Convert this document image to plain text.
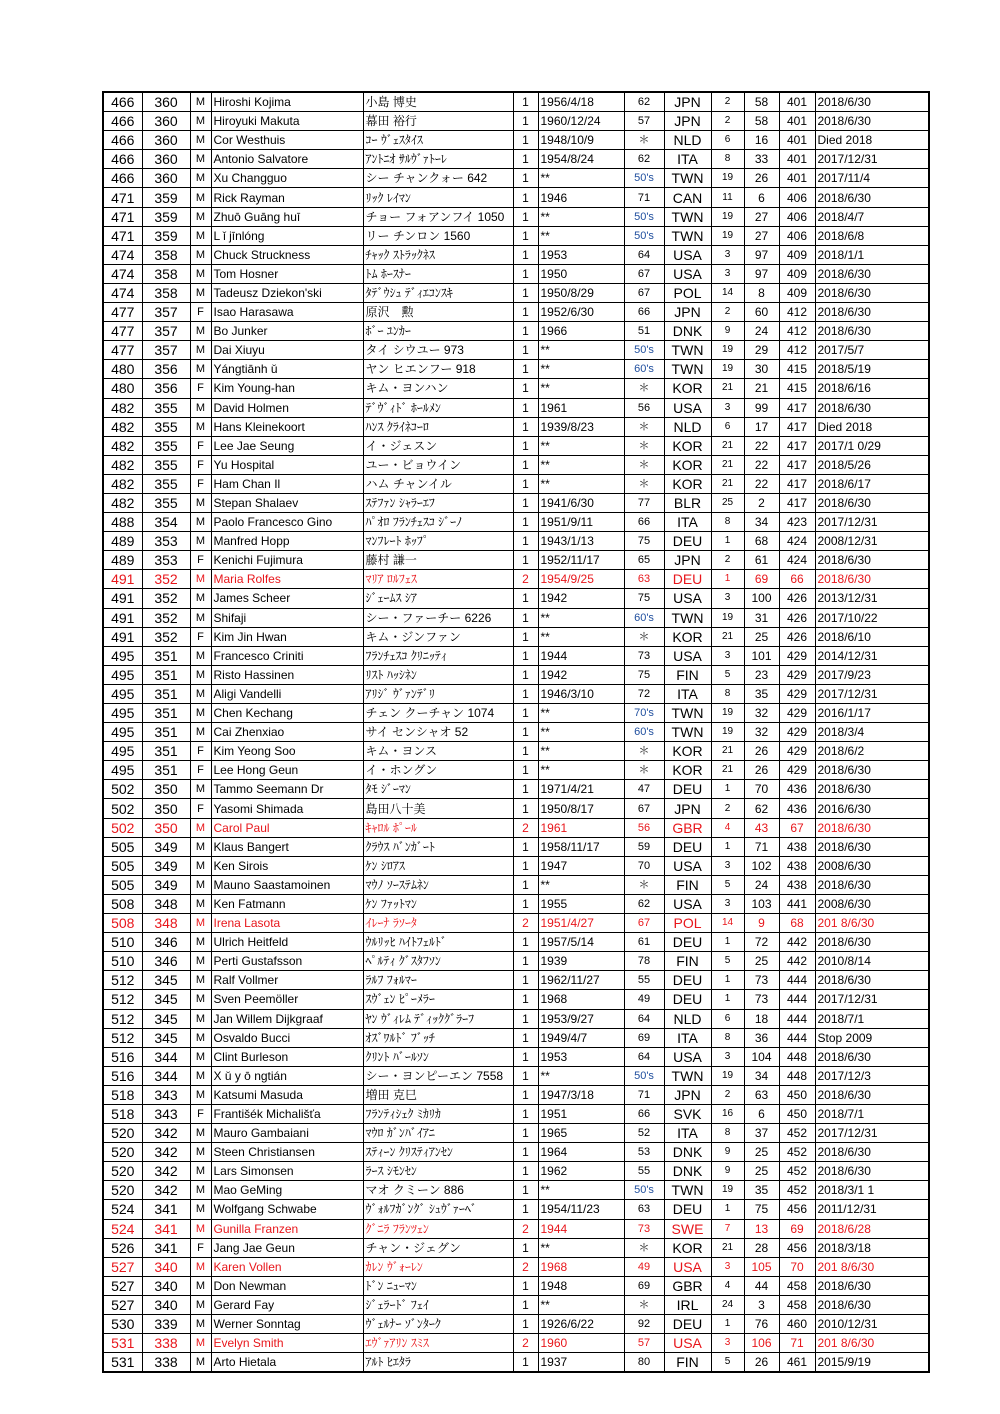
466	360	M	Hiroshi Kojima	小島 博史	1	1956/4/18	62	JPN	2	58	401	2018/6/30
466	360	M	Hiroyuki Makuta	幕田 裕行	1	1960/12/24	57	JPN	2	58	401	2018/6/30
466	360	M	Cor Westhuis	ｺｰ ｳﾞｪｽﾀｲｽ	1	1948/10/9	＊	NLD	6	16	401	Died 2018
466	360	M	Antonio Salvatore	ｱﾝﾄﾆｵ ｻﾙｳﾞｧﾄｰﾚ	1	1954/8/24	62	ITA	8	33	401	2017/12/31
466	360	M	Xu Changguo	シー チャンクォー 642	1	**	50's	TWN	19	26	401	2017/11/4
471	359	M	Rick Rayman	ﾘｯｸ ﾚｲﾏﾝ	1	1946	71	CAN	11	6	406	2018/6/30
471	359	M	Zhuō Guāng huī	チョー フォアンフイ 1050	1	**	50's	TWN	19	27	406	2018/4/7
471	359	M	L ǐ jīnlóng	リー チンロン 1560	1	**	50's	TWN	19	27	406	2018/6/8
474	358	M	Chuck Struckness	ﾁｬｯｸ ｽﾄﾗｯｸﾈｽ	1	1953	64	USA	3	97	409	2018/1/1
474	358	M	Tom Hosner	ﾄﾑ ﾎｰｽﾅｰ	1	1950	67	USA	3	97	409	2018/6/30
474	358	M	Tadeusz Dziekon'ski	ﾀﾃﾞｳｼｭ ﾃﾞｨｴｺﾝｽｷ	1	1950/8/29	67	POL	14	8	409	2018/6/30
477	357	F	Isao Harasawa	原沢　勲	1	1952/6/30	66	JPN	2	60	412	2018/6/30
477	357	M	Bo Junker	ﾎﾞｰ ﾕﾝｶｰ	1	1966	51	DNK	9	24	412	2018/6/30
477	357	M	Dai Xiuyu	タイ シウユー 973	1	**	50's	TWN	19	29	412	2017/5/7
480	356	M	Yángtiānh ǔ	ヤン ヒエンフー 918	1	**	60's	TWN	19	30	415	2018/5/19
480	356	F	Kim Young-han	キム・ヨンハン	1	**	＊	KOR	21	21	415	2018/6/16
482	355	M	David Holmen	ﾃﾞｳﾞｨﾄﾞ ﾎｰﾙﾒﾝ	1	1961	56	USA	3	99	417	2018/6/30
482	355	M	Hans Kleinekoort	ﾊﾝｽ ｸﾗｲﾈｺｰﾛ	1	1939/8/23	＊	NLD	6	17	417	Died 2018
482	355	F	Lee Jae Seung	イ・ジェスン	1	**	＊	KOR	21	22	417	2017/1 0/29
482	355	F	Yu Hospital	ユー・ビョウイン	1	**	＊	KOR	21	22	417	2018/5/26
482	355	F	Ham Chan Il	ハム チャンイル	1	**	＊	KOR	21	22	417	2018/6/17
482	355	M	Stepan Shalaev	ｽﾃﾌｧﾝ ｼｬﾗｰｴﾌ	1	1941/6/30	77	BLR	25	2	417	2018/6/30
488	354	M	Paolo Francesco Gino	ﾊﾟｵﾛ ﾌﾗﾝﾁｪｽｺ ｼﾞｰﾉ	1	1951/9/11	66	ITA	8	34	423	2017/12/31
489	353	M	Manfred Hopp	ﾏﾝﾌﾚｰﾄ ﾎｯﾌﾟ	1	1943/1/13	75	DEU	1	68	424	2008/12/31
489	353	F	Kenichi Fujimura	藤村 謙一	1	1952/11/17	65	JPN	2	61	424	2018/6/30
491	352	M	Maria Rolfes	ﾏﾘｱ ﾛﾙﾌｪｽ	2	1954/9/25	63	DEU	1	69	66	2018/6/30
491	352	M	James Scheer	ｼﾞｪｰﾑｽ ｼｱ	1	1942	75	USA	3	100	426	2013/12/31
491	352	M	Shifaji	シー・ファーチー 6226	1	**	60's	TWN	19	31	426	2017/10/22
491	352	F	Kim Jin Hwan	キム・ジンファン	1	**	＊	KOR	21	25	426	2018/6/10
495	351	M	Francesco Criniti	ﾌﾗﾝﾁｪｽｺ ｸﾘﾆｯﾃｨ	1	1944	73	USA	3	101	429	2014/12/31
495	351	M	Risto Hassinen	ﾘｽﾄ ﾊｯｼﾈﾝ	1	1942	75	FIN	5	23	429	2017/9/23
495	351	M	Aligi Vandelli	ｱﾘｼﾞ ｳﾞｧﾝﾃﾞﾘ	1	1946/3/10	72	ITA	8	35	429	2017/12/31
495	351	M	Chen Kechang	チェン クーチャン 1074	1	**	70's	TWN	19	32	429	2016/1/17
495	351	M	Cai Zhenxiao	サイ センシャオ 52	1	**	60's	TWN	19	32	429	2018/3/4
495	351	F	Kim Yeong Soo	キム・ヨンス	1	**	＊	KOR	21	26	429	2018/6/2
495	351	F	Lee Hong Geun	イ・ホングン	1	**	＊	KOR	21	26	429	2018/6/30
502	350	M	Tammo Seemann Dr	ﾀﾓ ｼﾞｰﾏﾝ	1	1971/4/21	47	DEU	1	70	436	2018/6/30
502	350	F	Yasomi Shimada	島田八十美	1	1950/8/17	67	JPN	2	62	436	2016/6/30
502	350	M	Carol Paul	ｷｬﾛﾙ ﾎﾟｰﾙ	2	1961	56	GBR	4	43	67	2018/6/30
505	349	M	Klaus Bangert	ｸﾗｳｽ ﾊﾞﾝｶﾞｰﾄ	1	1958/11/17	59	DEU	1	71	438	2018/6/30
505	349	M	Ken Sirois	ｹﾝ ｼﾛｱｽ	1	1947	70	USA	3	102	438	2008/6/30
505	349	M	Mauno Saastamoinen	ﾏｳﾉ ｿｰｽﾃﾑﾈﾝ	1	**	＊	FIN	5	24	438	2018/6/30
508	348	M	Ken Fatmann	ｹﾝ ﾌｧｯﾄﾏﾝ	1	1955	62	USA	3	103	441	2008/6/30
508	348	M	Irena Lasota	ｲﾚｰﾅ ﾗｿｰﾀ	2	1951/4/27	67	POL	14	9	68	201 8/6/30
510	346	M	Ulrich Heitfeld	ｳﾙﾘｯﾋ ﾊｲﾄﾌｪﾙﾄﾞ	1	1957/5/14	61	DEU	1	72	442	2018/6/30
510	346	M	Perti Gustafsson	ﾍﾟﾙﾃｨ ｸﾞｽﾀﾌｿﾝ	1	1939	78	FIN	5	25	442	2010/8/14
512	345	M	Ralf Vollmer	ﾗﾙﾌ ﾌｫﾙﾏｰ	1	1962/11/27	55	DEU	1	73	444	2018/6/30
512	345	M	Sven Peemöller	ｽｳﾞｪﾝ ﾋﾟｰﾒﾗｰ	1	1968	49	DEU	1	73	444	2017/12/31
512	345	M	Jan Willem Dijkgraaf	ﾔﾝ ｳﾞｨﾚﾑ ﾃﾞｨｯｸｸﾞﾗｰﾌ	1	1953/9/27	64	NLD	6	18	444	2018/7/1
512	345	M	Osvaldo Bucci	ｵｽﾞﾜﾙﾄﾞ ﾌﾞｯﾁ	1	1949/4/7	69	ITA	8	36	444	Stop 2009
516	344	M	Clint Burleson	ｸﾘﾝﾄ ﾊﾞｰﾙｿﾝ	1	1953	64	USA	3	104	448	2018/6/30
516	344	M	X ǔ y ō ngtián	シー・ヨンピーエン 7558	1	**	50's	TWN	19	34	448	2017/12/3
518	343	M	Katsumi Masuda	増田 克巳	1	1947/3/18	71	JPN	2	63	450	2018/6/30
518	343	F	Františék Michališťa	ﾌﾗﾝﾃｨｼｪｸ ﾐｶﾘｶ	1	1951	66	SVK	16	6	450	2018/7/1
520	342	M	Mauro Gambaiani	ﾏｳﾛ ｶﾞﾝﾊﾞｲｱﾆ	1	1965	52	ITA	8	37	452	2017/12/31
520	342	M	Steen Christiansen	ｽﾃｨｰﾝ ｸﾘｽﾃｨｱﾝｾﾝ	1	1964	53	DNK	9	25	452	2018/6/30
520	342	M	Lars Simonsen	ﾗｰｽ ｼﾓﾝｾﾝ	1	1962	55	DNK	9	25	452	2018/6/30
520	342	M	Mao GeMing	マオ クミーン 886	1	**	50's	TWN	19	35	452	2018/3/1 1
524	341	M	Wolfgang Schwabe	ｳﾞｫﾙﾌｶﾞﾝｸﾞ ｼｭｳﾞｧｰﾍﾞ	1	1954/11/23	63	DEU	1	75	456	2011/12/31
524	341	M	Gunilla Franzen	ｸﾞﾆﾗ ﾌﾗﾝﾂｪﾝ	2	1944	73	SWE	7	13	69	2018/6/28
526	341	F	Jang Jae Geun	チャン・ジェグン	1	**	＊	KOR	21	28	456	2018/3/18
527	340	M	Karen Vollen	ｶﾚﾝ ｳﾞｫｰﾚﾝ	2	1968	49	USA	3	105	70	201 8/6/30
527	340	M	Don Newman	ﾄﾞﾝ ﾆｭｰﾏﾝ	1	1948	69	GBR	4	44	458	2018/6/30
527	340	M	Gerard Fay	ｼﾞｪﾗｰﾄﾞ ﾌｪｲ	1	**	＊	IRL	24	3	458	2018/6/30
530	339	M	Werner Sonntag	ｳﾞｪﾙﾅｰ ｿﾞﾝﾀｰｸ	1	1926/6/22	92	DEU	1	76	460	2010/12/31
531	338	M	Evelyn Smith	ｴｳﾞｧｱﾘﾝ ｽﾐｽ	2	1960	57	USA	3	106	71	201 8/6/30
531	338	M	Arto Hietala	ｱﾙﾄ ﾋｴﾀﾗ	1	1937	80	FIN	5	26	461	2015/9/19
